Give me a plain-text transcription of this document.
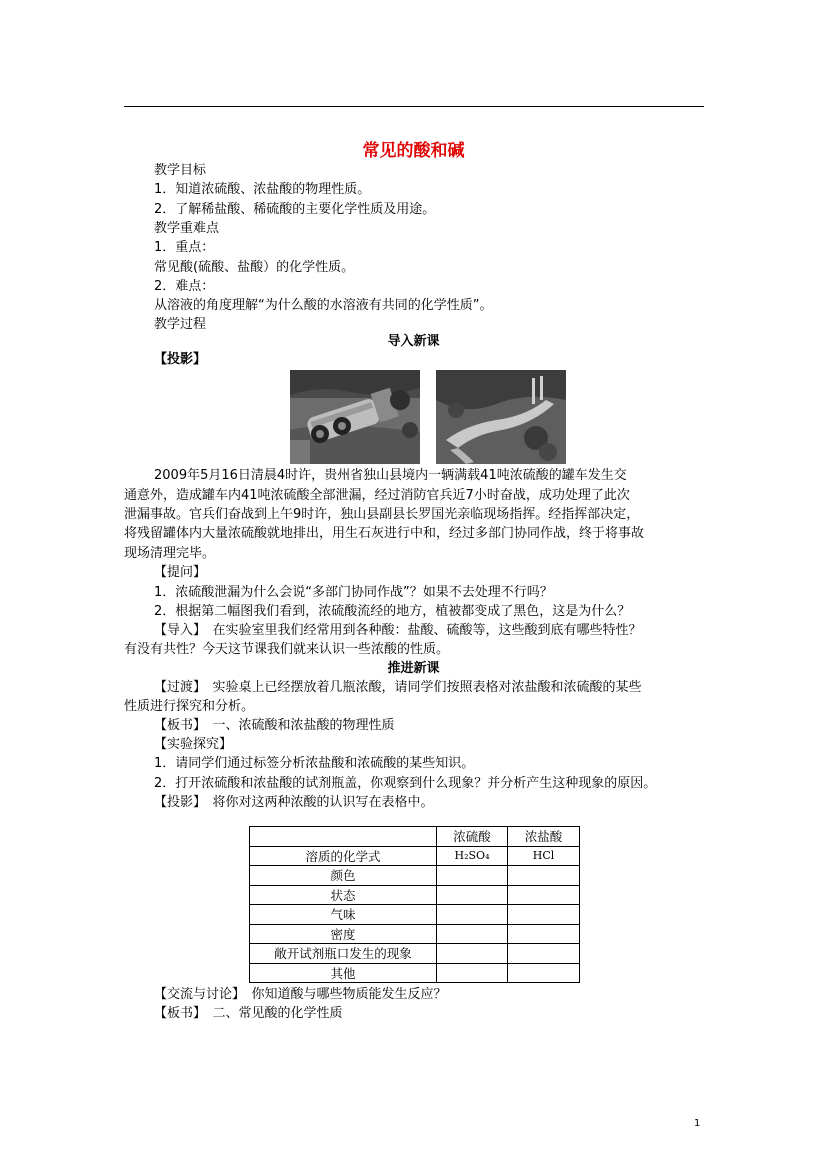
常见的酸和碱
教学目标
1．知道浓硫酸、浓盐酸的物理性质。
2．了解稀盐酸、稀硫酸的主要化学性质及用途。
教学重难点
1．重点：
常见酸(硫酸、盐酸）的化学性质。
2．难点：
从溶液的角度理解“为什么酸的水溶液有共同的化学性质”。
教学过程
导入新课
【投影】
2009年5月16日清晨4时许，贵州省独山县境内一辆满载41吨浓硫酸的罐车发生交
通意外，造成罐车内41吨浓硫酸全部泄漏，经过消防官兵近7小时奋战，成功处理了此次
泄漏事故。官兵们奋战到上午9时许，独山县副县长罗国光亲临现场指挥。经指挥部决定，
将残留罐体内大量浓硫酸就地排出，用生石灰进行中和，经过多部门协同作战，终于将事故
现场清理完毕。
【提问】
1．浓硫酸泄漏为什么会说“多部门协同作战”？如果不去处理不行吗？
2．根据第二幅图我们看到，浓硫酸流经的地方，植被都变成了黑色，这是为什么？
【导入】　在实验室里我们经常用到各种酸：盐酸、硫酸等，这些酸到底有哪些特性？
有没有共性？今天这节课我们就来认识一些浓酸的性质。
推进新课
【过渡】　实验桌上已经摆放着几瓶浓酸，请同学们按照表格对浓盐酸和浓硫酸的某些
性质进行探究和分析。
【板书】　一、浓硫酸和浓盐酸的物理性质
【实验探究】
1．请同学们通过标签分析浓盐酸和浓硫酸的某些知识。
2．打开浓硫酸和浓盐酸的试剂瓶盖，你观察到什么现象？并分析产生这种现象的原因。
【投影】　将你对这两种浓酸的认识写在表格中。
	浓硫酸	浓盐酸
溶质的化学式	H₂SO₄	HCl
颜色		
状态		
气味		
密度		
敞开试剂瓶口发生的现象		
其他		
【交流与讨论】　你知道酸与哪些物质能发生反应？
【板书】　二、常见酸的化学性质
1
